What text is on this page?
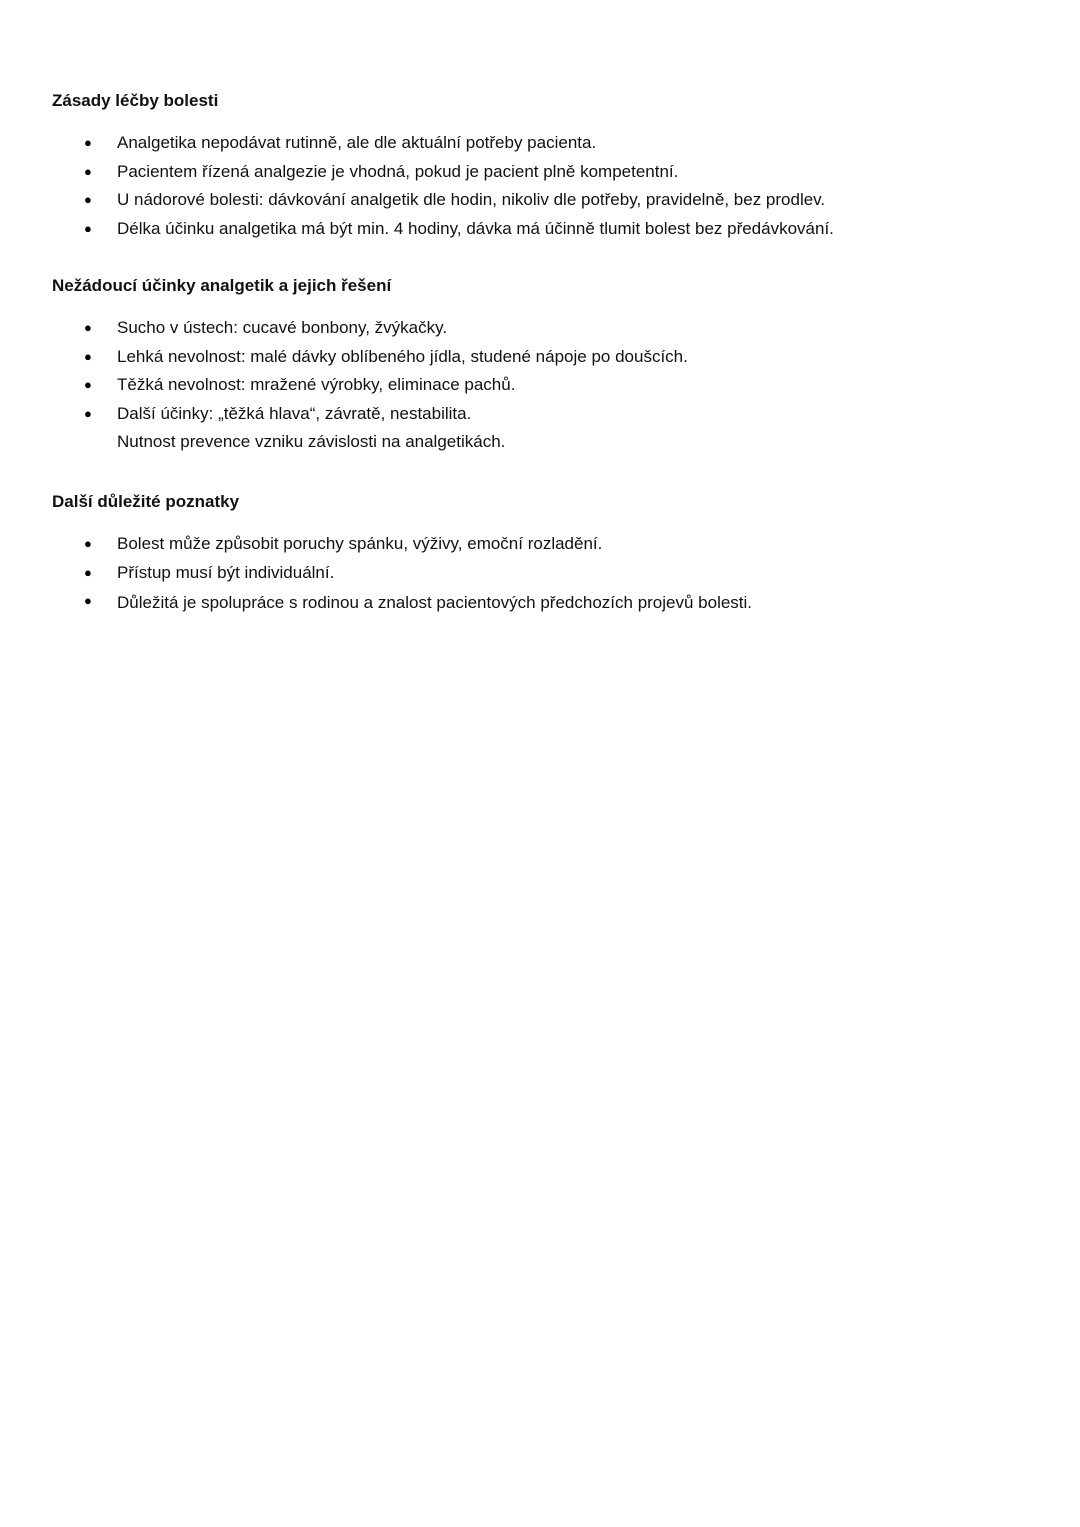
Zásady léčby bolesti
● Analgetika nepodávat rutinně, ale dle aktuální potřeby pacienta.
● Pacientem řízená analgezie je vhodná, pokud je pacient plně kompetentní.
● U nádorové bolesti: dávkování analgetik dle hodin, nikoliv dle potřeby, pravidelně, bez prodlev.
● Délka účinku analgetika má být min. 4 hodiny, dávka má účinně tlumit bolest bez předávkování.
Nežádoucí účinky analgetik a jejich řešení
● Sucho v ústech: cucavé bonbony, žvýkačky.
● Lehká nevolnost: malé dávky oblíbeného jídla, studené nápoje po doušcích.
● Těžká nevolnost: mražené výrobky, eliminace pachů.
● Další účinky: „těžká hlava“, závratě, nestabilita.
Nutnost prevence vzniku závislosti na analgetikách.
Další důležité poznatky
● Bolest může způsobit poruchy spánku, výživy, emoční rozladění.
● Přístup musí být individuální.
● Důležitá je spolupráce s rodinou a znalost pacientových předchozích projevů bolesti.
